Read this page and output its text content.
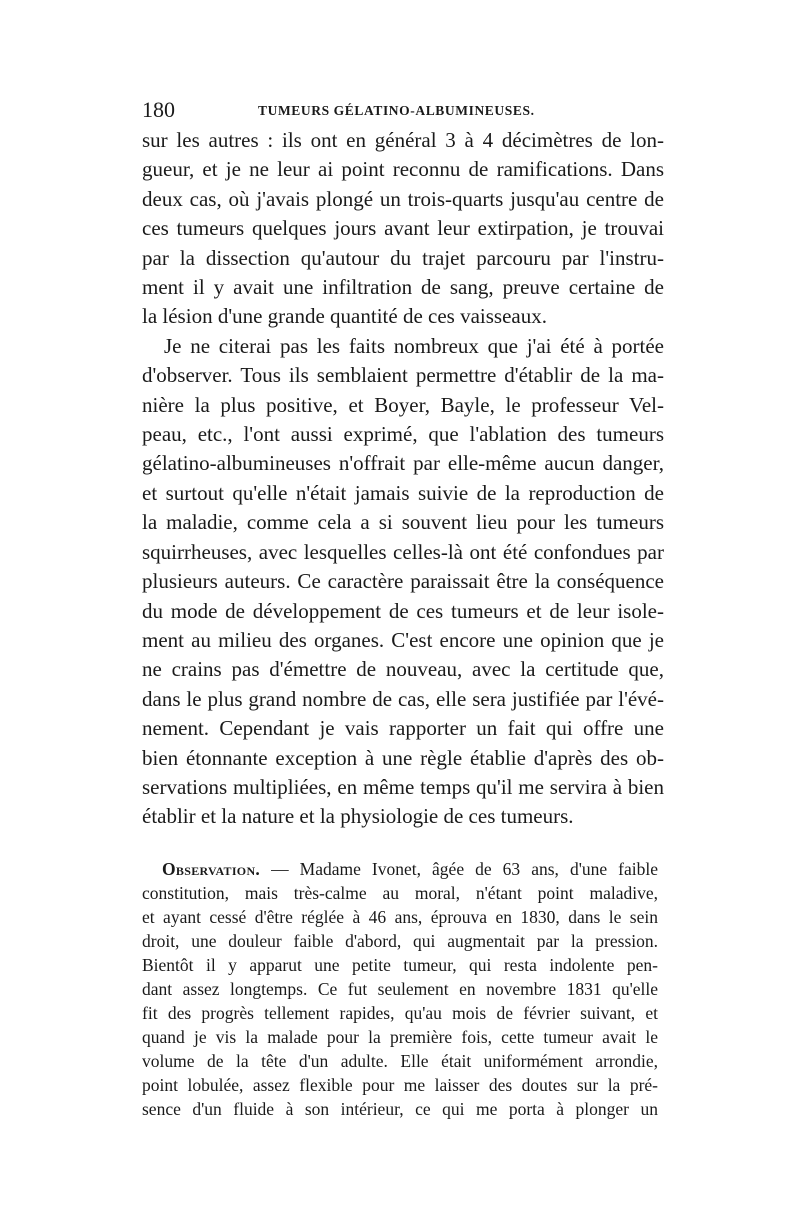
180	TUMEURS GÉLATINO-ALBUMINEUSES.

sur les autres : ils ont en général 3 à 4 décimètres de lon-

gueur, et je ne leur ai point reconnu de ramifications. Dans

deux cas, où j'avais plongé un trois-quarts jusqu'au centre de

ces tumeurs quelques jours avant leur extirpation, je trouvai

par la dissection qu'autour du trajet parcouru par l'instru-

ment il y avait une infiltration de sang, preuve certaine de

la lésion d'une grande quantité de ces vaisseaux.

Je ne citerai pas les faits nombreux que j'ai été à portée

d'observer. Tous ils semblaient permettre d'établir de la ma-

nière la plus positive, et Boyer, Bayle, le professeur Vel-

peau, etc., l'ont aussi exprimé, que l'ablation des tumeurs

gélatino-albumineuses n'offrait par elle-même aucun danger,

et surtout qu'elle n'était jamais suivie de la reproduction de

la maladie, comme cela a si souvent lieu pour les tumeurs

squirrheuses, avec lesquelles celles-là ont été confondues par

plusieurs auteurs. Ce caractère paraissait être la conséquence

du mode de développement de ces tumeurs et de leur isole-

ment au milieu des organes. C'est encore une opinion que je

ne crains pas d'émettre de nouveau, avec la certitude que,

dans le plus grand nombre de cas, elle sera justifiée par l'évé-

nement. Cependant je vais rapporter un fait qui offre une

bien étonnante exception à une règle établie d'après des ob-

servations multipliées, en même temps qu'il me servira à bien

établir et la nature et la physiologie de ces tumeurs.

Observation. — Madame Ivonet, âgée de 63 ans, d'une faible

constitution, mais très-calme au moral, n'étant point maladive,

et ayant cessé d'être réglée à 46 ans, éprouva en 1830, dans le sein

droit, une douleur faible d'abord, qui augmentait par la pression.

Bientôt il y apparut une petite tumeur, qui resta indolente pen-

dant assez longtemps. Ce fut seulement en novembre 1831 qu'elle

fit des progrès tellement rapides, qu'au mois de février suivant, et

quand je vis la malade pour la première fois, cette tumeur avait le

volume de la tête d'un adulte. Elle était uniformément arrondie,

point lobulée, assez flexible pour me laisser des doutes sur la pré-

sence d'un fluide à son intérieur, ce qui me porta à plonger un
